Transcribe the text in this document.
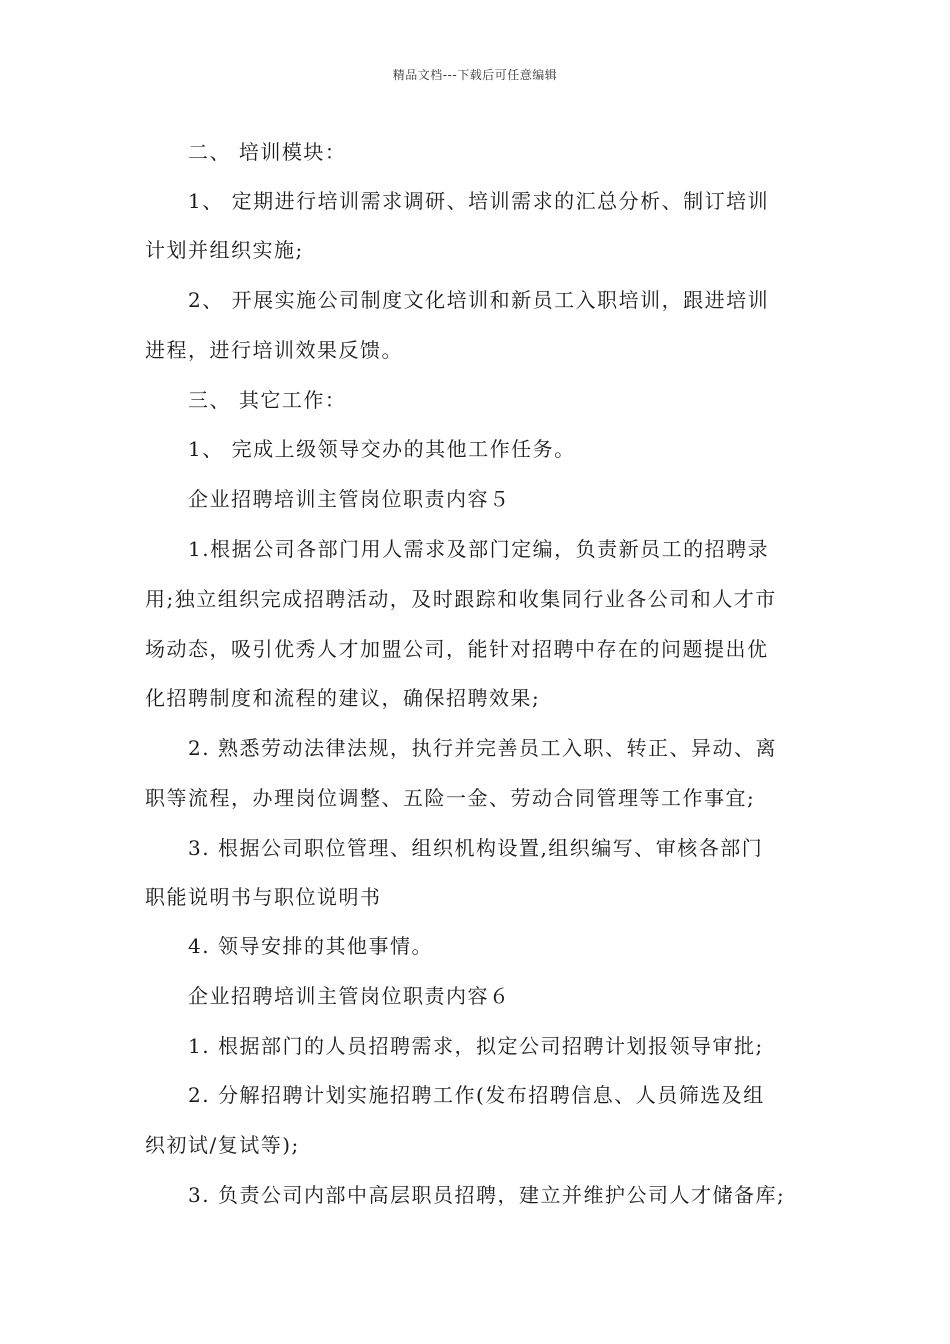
精品文档---下载后可任意编辑
二、 培训模块：
1、 定期进行培训需求调研、培训需求的汇总分析、制订培训
计划并组织实施;
2、 开展实施公司制度文化培训和新员工入职培训，跟进培训
进程，进行培训效果反馈。
三、 其它工作：
1、 完成上级领导交办的其他工作任务。
企业招聘培训主管岗位职责内容５
1.根据公司各部门用人需求及部门定编，负责新员工的招聘录
用;独立组织完成招聘活动，及时跟踪和收集同行业各公司和人才市
场动态，吸引优秀人才加盟公司，能针对招聘中存在的问题提出优
化招聘制度和流程的建议，确保招聘效果;
2. 熟悉劳动法律法规，执行并完善员工入职、转正、异动、离
职等流程，办理岗位调整、五险一金、劳动合同管理等工作事宜;
3. 根据公司职位管理、组织机构设置,组织编写、审核各部门
职能说明书与职位说明书
4. 领导安排的其他事情。
企业招聘培训主管岗位职责内容６
1. 根据部门的人员招聘需求，拟定公司招聘计划报领导审批;
2. 分解招聘计划实施招聘工作(发布招聘信息、人员筛选及组
织初试/复试等);
3. 负责公司内部中高层职员招聘，建立并维护公司人才储备库;
